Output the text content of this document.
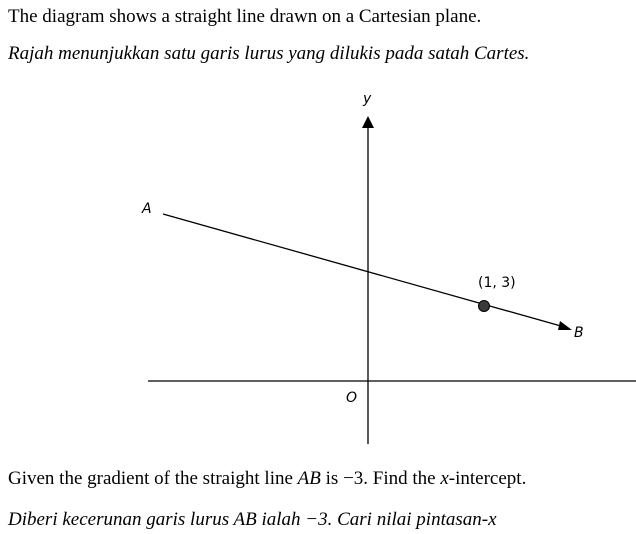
The diagram shows a straight line drawn on a Cartesian plane.
Rajah menunjukkan satu garis lurus yang dilukis pada satah Cartes.
y
A
B
(1, 3)
O
Given the gradient of the straight line AB is −3. Find the x-intercept.
Diberi kecerunan garis lurus AB ialah −3. Cari nilai pintasan-x
